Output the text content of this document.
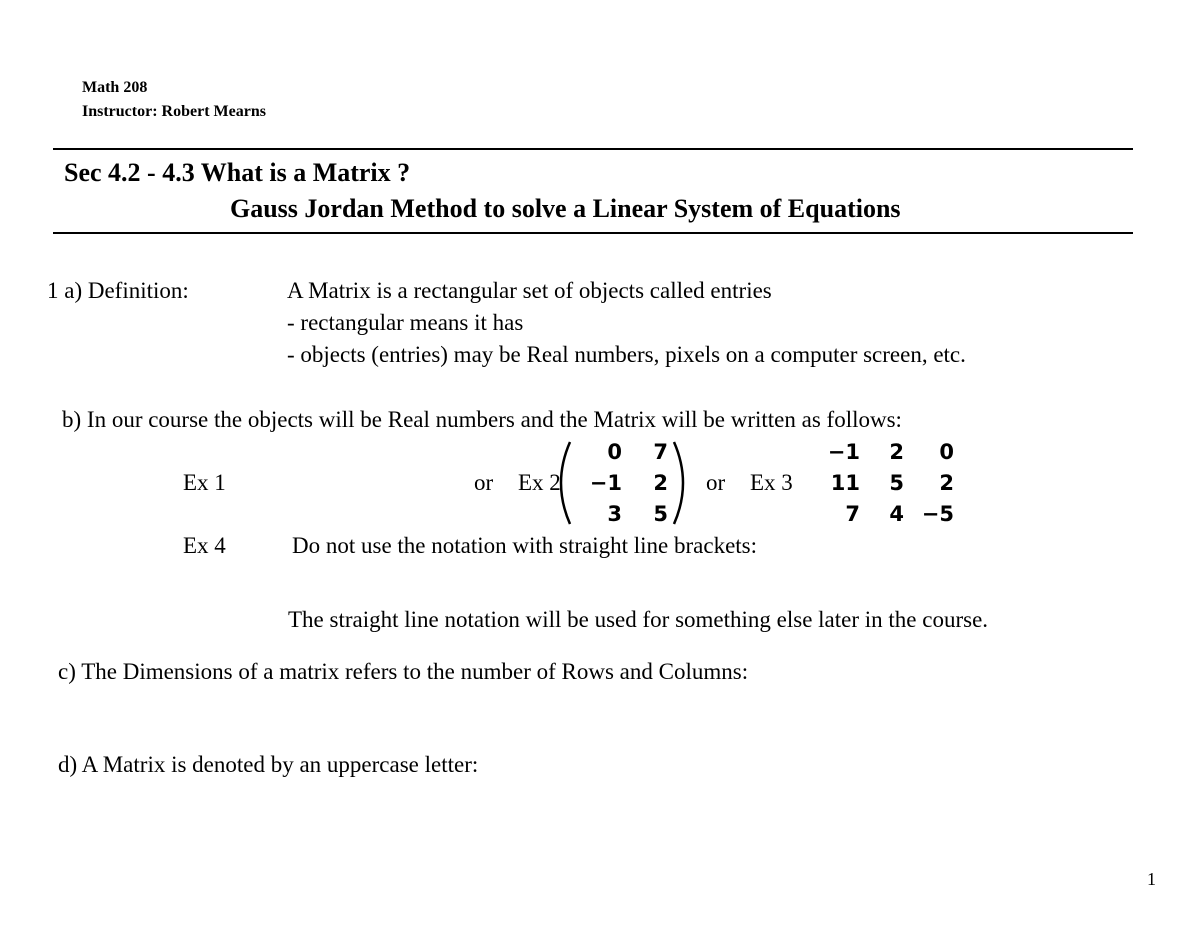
Math 208
Instructor: Robert Mearns
Sec 4.2 - 4.3 What is a Matrix ?
Gauss Jordan Method to solve a Linear System of Equations
1 a) Definition:	A Matrix is a rectangular set of objects called entries
- rectangular means it has
- objects (entries) may be Real numbers, pixels on a computer screen, etc.
b) In our course the objects will be Real numbers and the Matrix will be written as follows:
Ex 1	or Ex 2
0 7
−1 2
3 5
or Ex 3
−1 2 0
11 5 2
7 4 −5
Ex 4	Do not use the notation with straight line brackets:
The straight line notation will be used for something else later in the course.
c) The Dimensions of a matrix refers to the number of Rows and Columns:
d) A Matrix is denoted by an uppercase letter:
1
